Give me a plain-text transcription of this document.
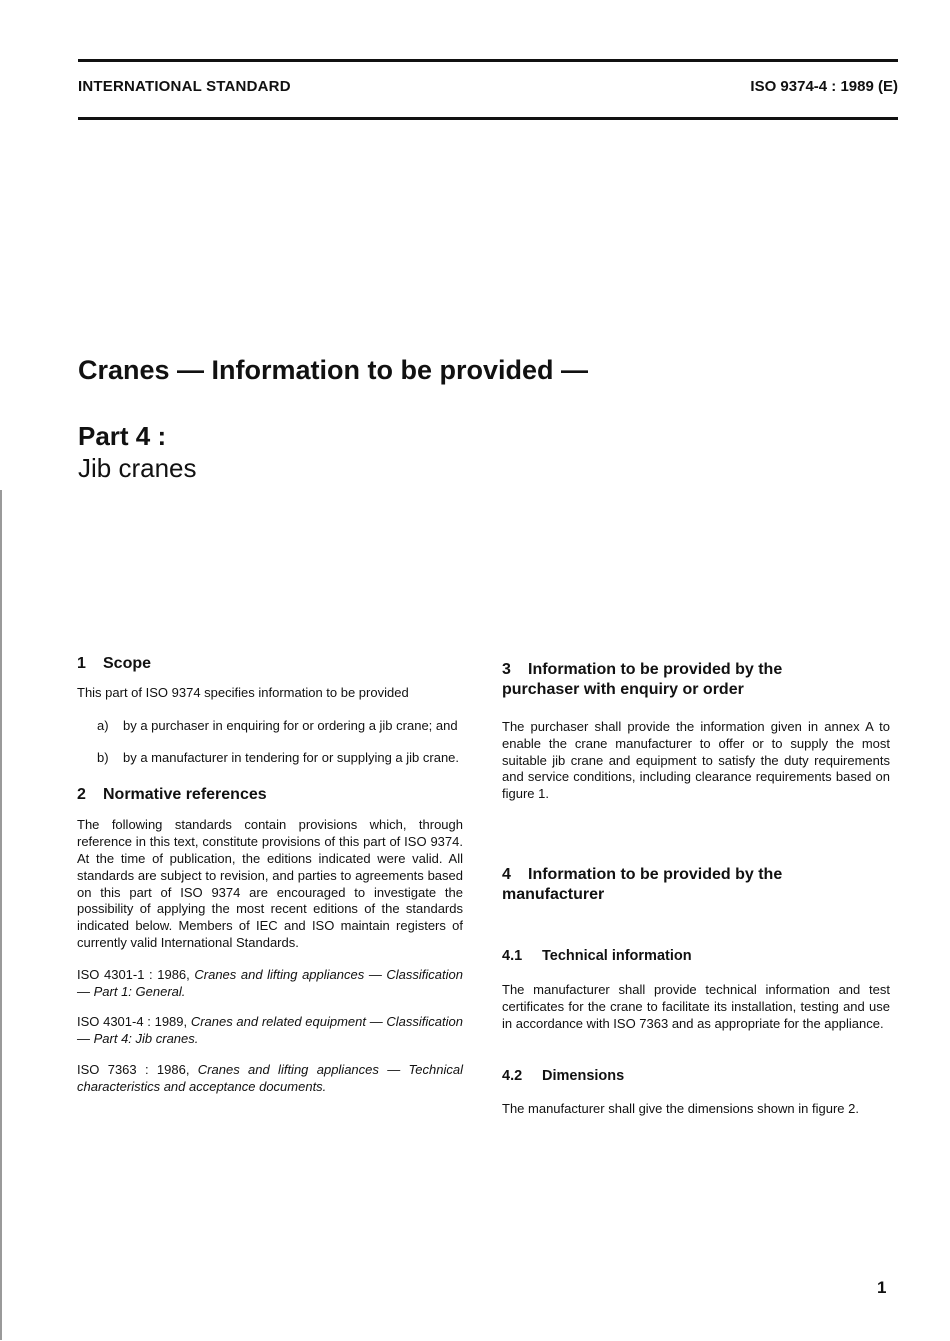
INTERNATIONAL STANDARD	ISO 9374-4 : 1989 (E)
Cranes — Information to be provided —
Part 4 :
Jib cranes
1 Scope

This part of ISO 9374 specifies information to be provided

a) by a purchaser in enquiring for or ordering a jib crane; and
b) by a manufacturer in tendering for or supplying a jib crane.
2 Normative references

The following standards contain provisions which, through reference in this text, constitute provisions of this part of ISO 9374. At the time of publication, the editions indicated were valid. All standards are subject to revision, and parties to agreements based on this part of ISO 9374 are encouraged to investigate the possibility of applying the most recent editions of the standards indicated below. Members of IEC and ISO maintain registers of currently valid International Standards.

ISO 4301-1 : 1986, Cranes and lifting appliances — Classification — Part 1: General.

ISO 4301-4 : 1989, Cranes and related equipment — Classification — Part 4: Jib cranes.

ISO 7363 : 1986, Cranes and lifting appliances — Technical characteristics and acceptance documents.

3 Information to be provided by the purchaser with enquiry or order

The purchaser shall provide the information given in annex A to enable the crane manufacturer to offer or to supply the most suitable jib crane and equipment to satisfy the duty requirements and service conditions, including clearance requirements based on figure 1.

4 Information to be provided by the manufacturer
4.1 Technical information

The manufacturer shall provide technical information and test certificates for the crane to facilitate its installation, testing and use in accordance with ISO 7363 and as appropriate for the appliance.

4.2 Dimensions

The manufacturer shall give the dimensions shown in figure 2.

1
